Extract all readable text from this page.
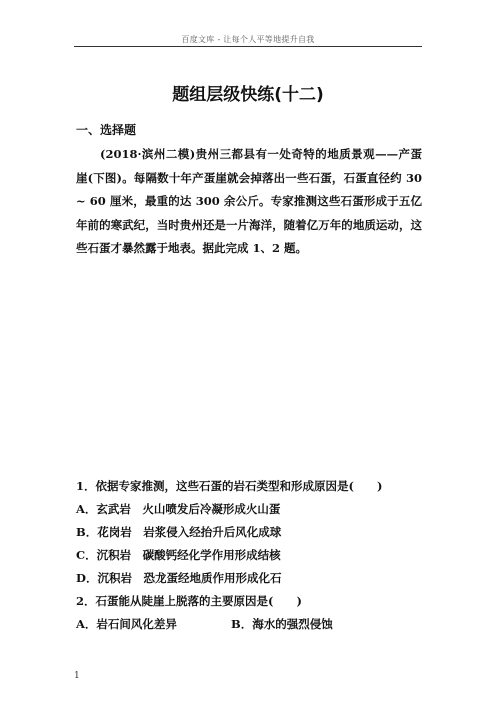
百度文库 - 让每个人平等地提升自我
题组层级快练(十二)
一、选择题

(2018·滨州二模)贵州三都县有一处奇特的地质景观——产蛋崖(下图)。每隔数十年产蛋崖就会掉落出一些石蛋，石蛋直径约 30 ~ 60 厘米，最重的达 300 余公斤。专家推测这些石蛋形成于五亿年前的寒武纪，当时贵州还是一片海洋，随着亿万年的地质运动，这些石蛋才暴然露于地表。据此完成 1、2 题。

1．依据专家推测，这些石蛋的岩石类型和形成原因是(　　)

A．玄武岩　火山喷发后冷凝形成火山蛋

B．花岗岩　岩浆侵入经抬升后风化成球

C．沉积岩　碳酸钙经化学作用形成结核

D．沉积岩　恐龙蛋经地质作用形成化石

2．石蛋能从陡崖上脱落的主要原因是(　　)

A．岩石间风化差异	B．海水的强烈侵蚀
1
